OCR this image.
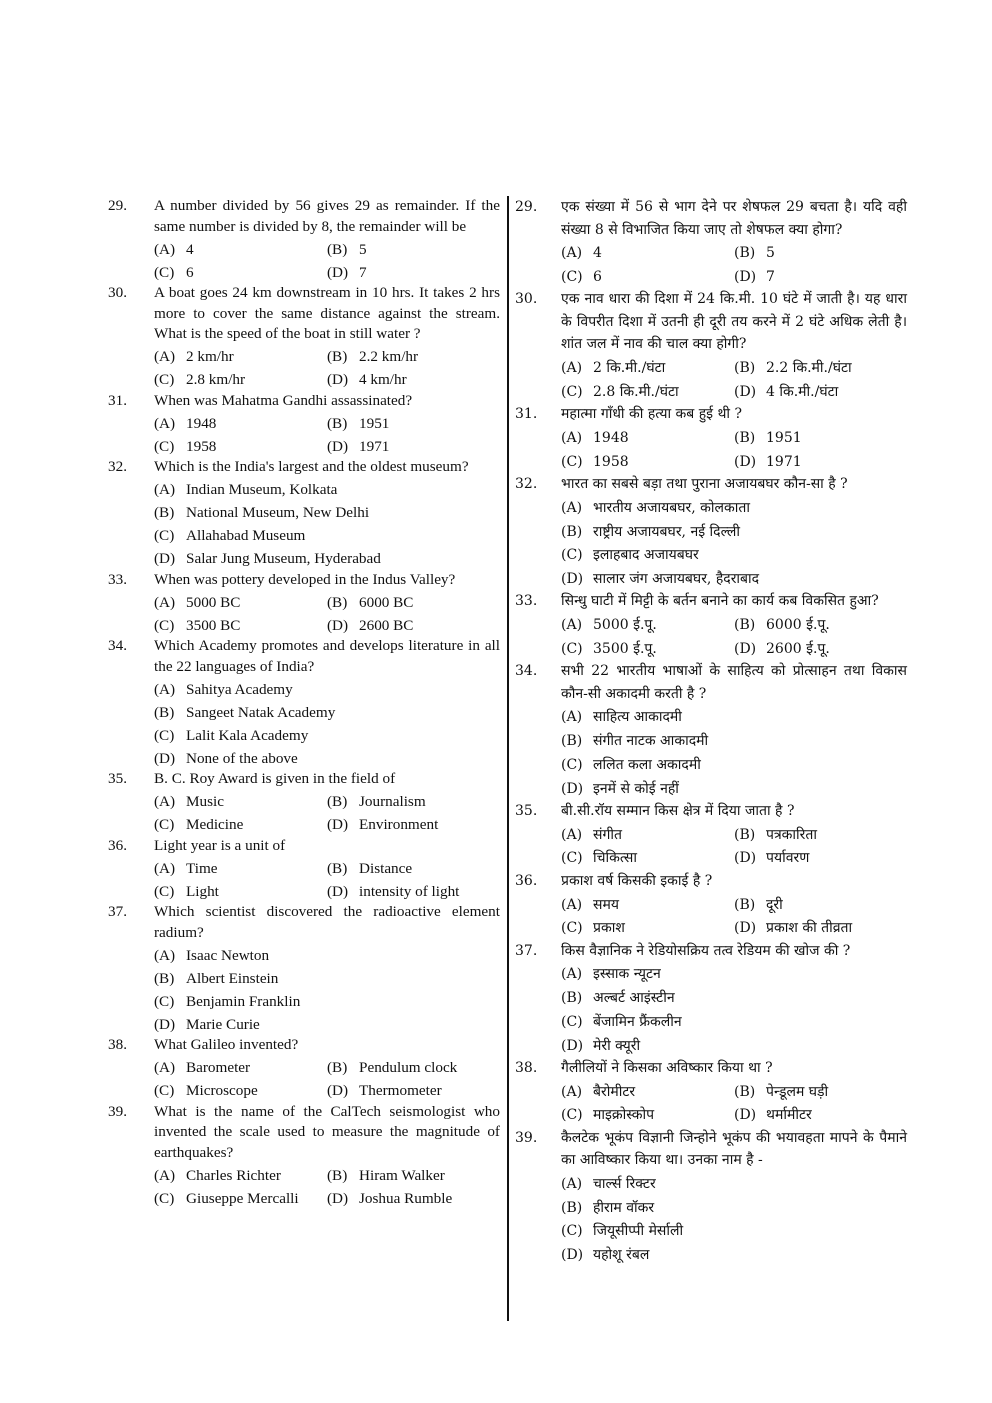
29. A number divided by 56 gives 29 as remainder. If the same number is divided by 8, the remainder will be
(A) 4	(B) 5
(C) 6	(D) 7
30. A boat goes 24 km downstream in 10 hrs. It takes 2 hrs more to cover the same distance against the stream. What is the speed of the boat in still water ?
(A) 2 km/hr	(B) 2.2 km/hr
(C) 2.8 km/hr	(D) 4 km/hr
31. When was Mahatma Gandhi assassinated?
(A) 1948	(B) 1951
(C) 1958	(D) 1971
32. Which is the India's largest and the oldest museum?
(A) Indian Museum, Kolkata
(B) National Museum, New Delhi
(C) Allahabad Museum
(D) Salar Jung Museum, Hyderabad
33. When was pottery developed in the Indus Valley?
(A) 5000 BC	(B) 6000 BC
(C) 3500 BC	(D) 2600 BC
34. Which Academy promotes and develops literature in all the 22 languages of India?
(A) Sahitya Academy
(B) Sangeet Natak Academy
(C) Lalit Kala Academy
(D) None of the above
35. B. C. Roy Award is given in the field of
(A) Music	(B) Journalism
(C) Medicine	(D) Environment
36. Light year is a unit of
(A) Time	(B) Distance
(C) Light	(D) intensity of light
37. Which scientist discovered the radioactive element radium?
(A) Isaac Newton
(B) Albert Einstein
(C) Benjamin Franklin
(D) Marie Curie
38. What Galileo invented?
(A) Barometer	(B) Pendulum clock
(C) Microscope	(D) Thermometer
39. What is the name of the CalTech seismologist who invented the scale used to measure the magnitude of earthquakes?
(A) Charles Richter	(B) Hiram Walker
(C) Giuseppe Mercalli	(D) Joshua Rumble
29. एक संख्या में 56 से भाग देने पर शेषफल 29 बचता है। यदि वही संख्या 8 से विभाजित किया जाए तो शेषफल क्या होगा?
(A) 4	(B) 5
(C) 6	(D) 7
30. एक नाव धारा की दिशा में 24 कि.मी. 10 घंटे में जाती है। यह धारा के विपरीत दिशा में उतनी ही दूरी तय करने में 2 घंटे अधिक लेती है। शांत जल में नाव की चाल क्या होगी?
(A) 2 कि.मी./घंटा	(B) 2.2 कि.मी./घंटा
(C) 2.8 कि.मी./घंटा	(D) 4 कि.मी./घंटा
31. महात्मा गाँधी की हत्या कब हुई थी ?
(A) 1948	(B) 1951
(C) 1958	(D) 1971
32. भारत का सबसे बड़ा तथा पुराना अजायबघर कौन-सा है ?
(A) भारतीय अजायबघर, कोलकाता
(B) राष्ट्रीय अजायबघर, नई दिल्ली
(C) इलाहबाद अजायबघर
(D) सालार जंग अजायबघर, हैदराबाद
33. सिन्धु घाटी में मिट्टी के बर्तन बनाने का कार्य कब विकसित हुआ?
(A) 5000 ई.पू.	(B) 6000 ई.पू.
(C) 3500 ई.पू.	(D) 2600 ई.पू.
34. सभी 22 भारतीय भाषाओं के साहित्य को प्रोत्साहन तथा विकास कौन-सी अकादमी करती है ?
(A) साहित्य आकादमी
(B) संगीत नाटक आकादमी
(C) ललित कला अकादमी
(D) इनमें से कोई नहीं
35. बी.सी.रॉय सम्मान किस क्षेत्र में दिया जाता है ?
(A) संगीत	(B) पत्रकारिता
(C) चिकित्सा	(D) पर्यावरण
36. प्रकाश वर्ष किसकी इकाई है ?
(A) समय	(B) दूरी
(C) प्रकाश	(D) प्रकाश की तीव्रता
37. किस वैज्ञानिक ने रेडियोसक्रिय तत्व रेडियम की खोज की ?
(A) इस्साक न्यूटन
(B) अल्बर्ट आइंस्टीन
(C) बेंजामिन फ्रैंकलीन
(D) मेरी क्यूरी
38. गैलीलियों ने किसका अविष्कार किया था ?
(A) बैरोमीटर	(B) पेन्डूलम घड़ी
(C) माइक्रोस्कोप	(D) थर्मामीटर
39. कैलटेक भूकंप विज्ञानी जिन्होने भूकंप की भयावहता मापने के पैमाने का आविष्कार किया था। उनका नाम है -
(A) चार्ल्स रिक्टर
(B) हीराम वॉकर
(C) जियूसीप्पी मेर्साली
(D) यहोशू रंबल
